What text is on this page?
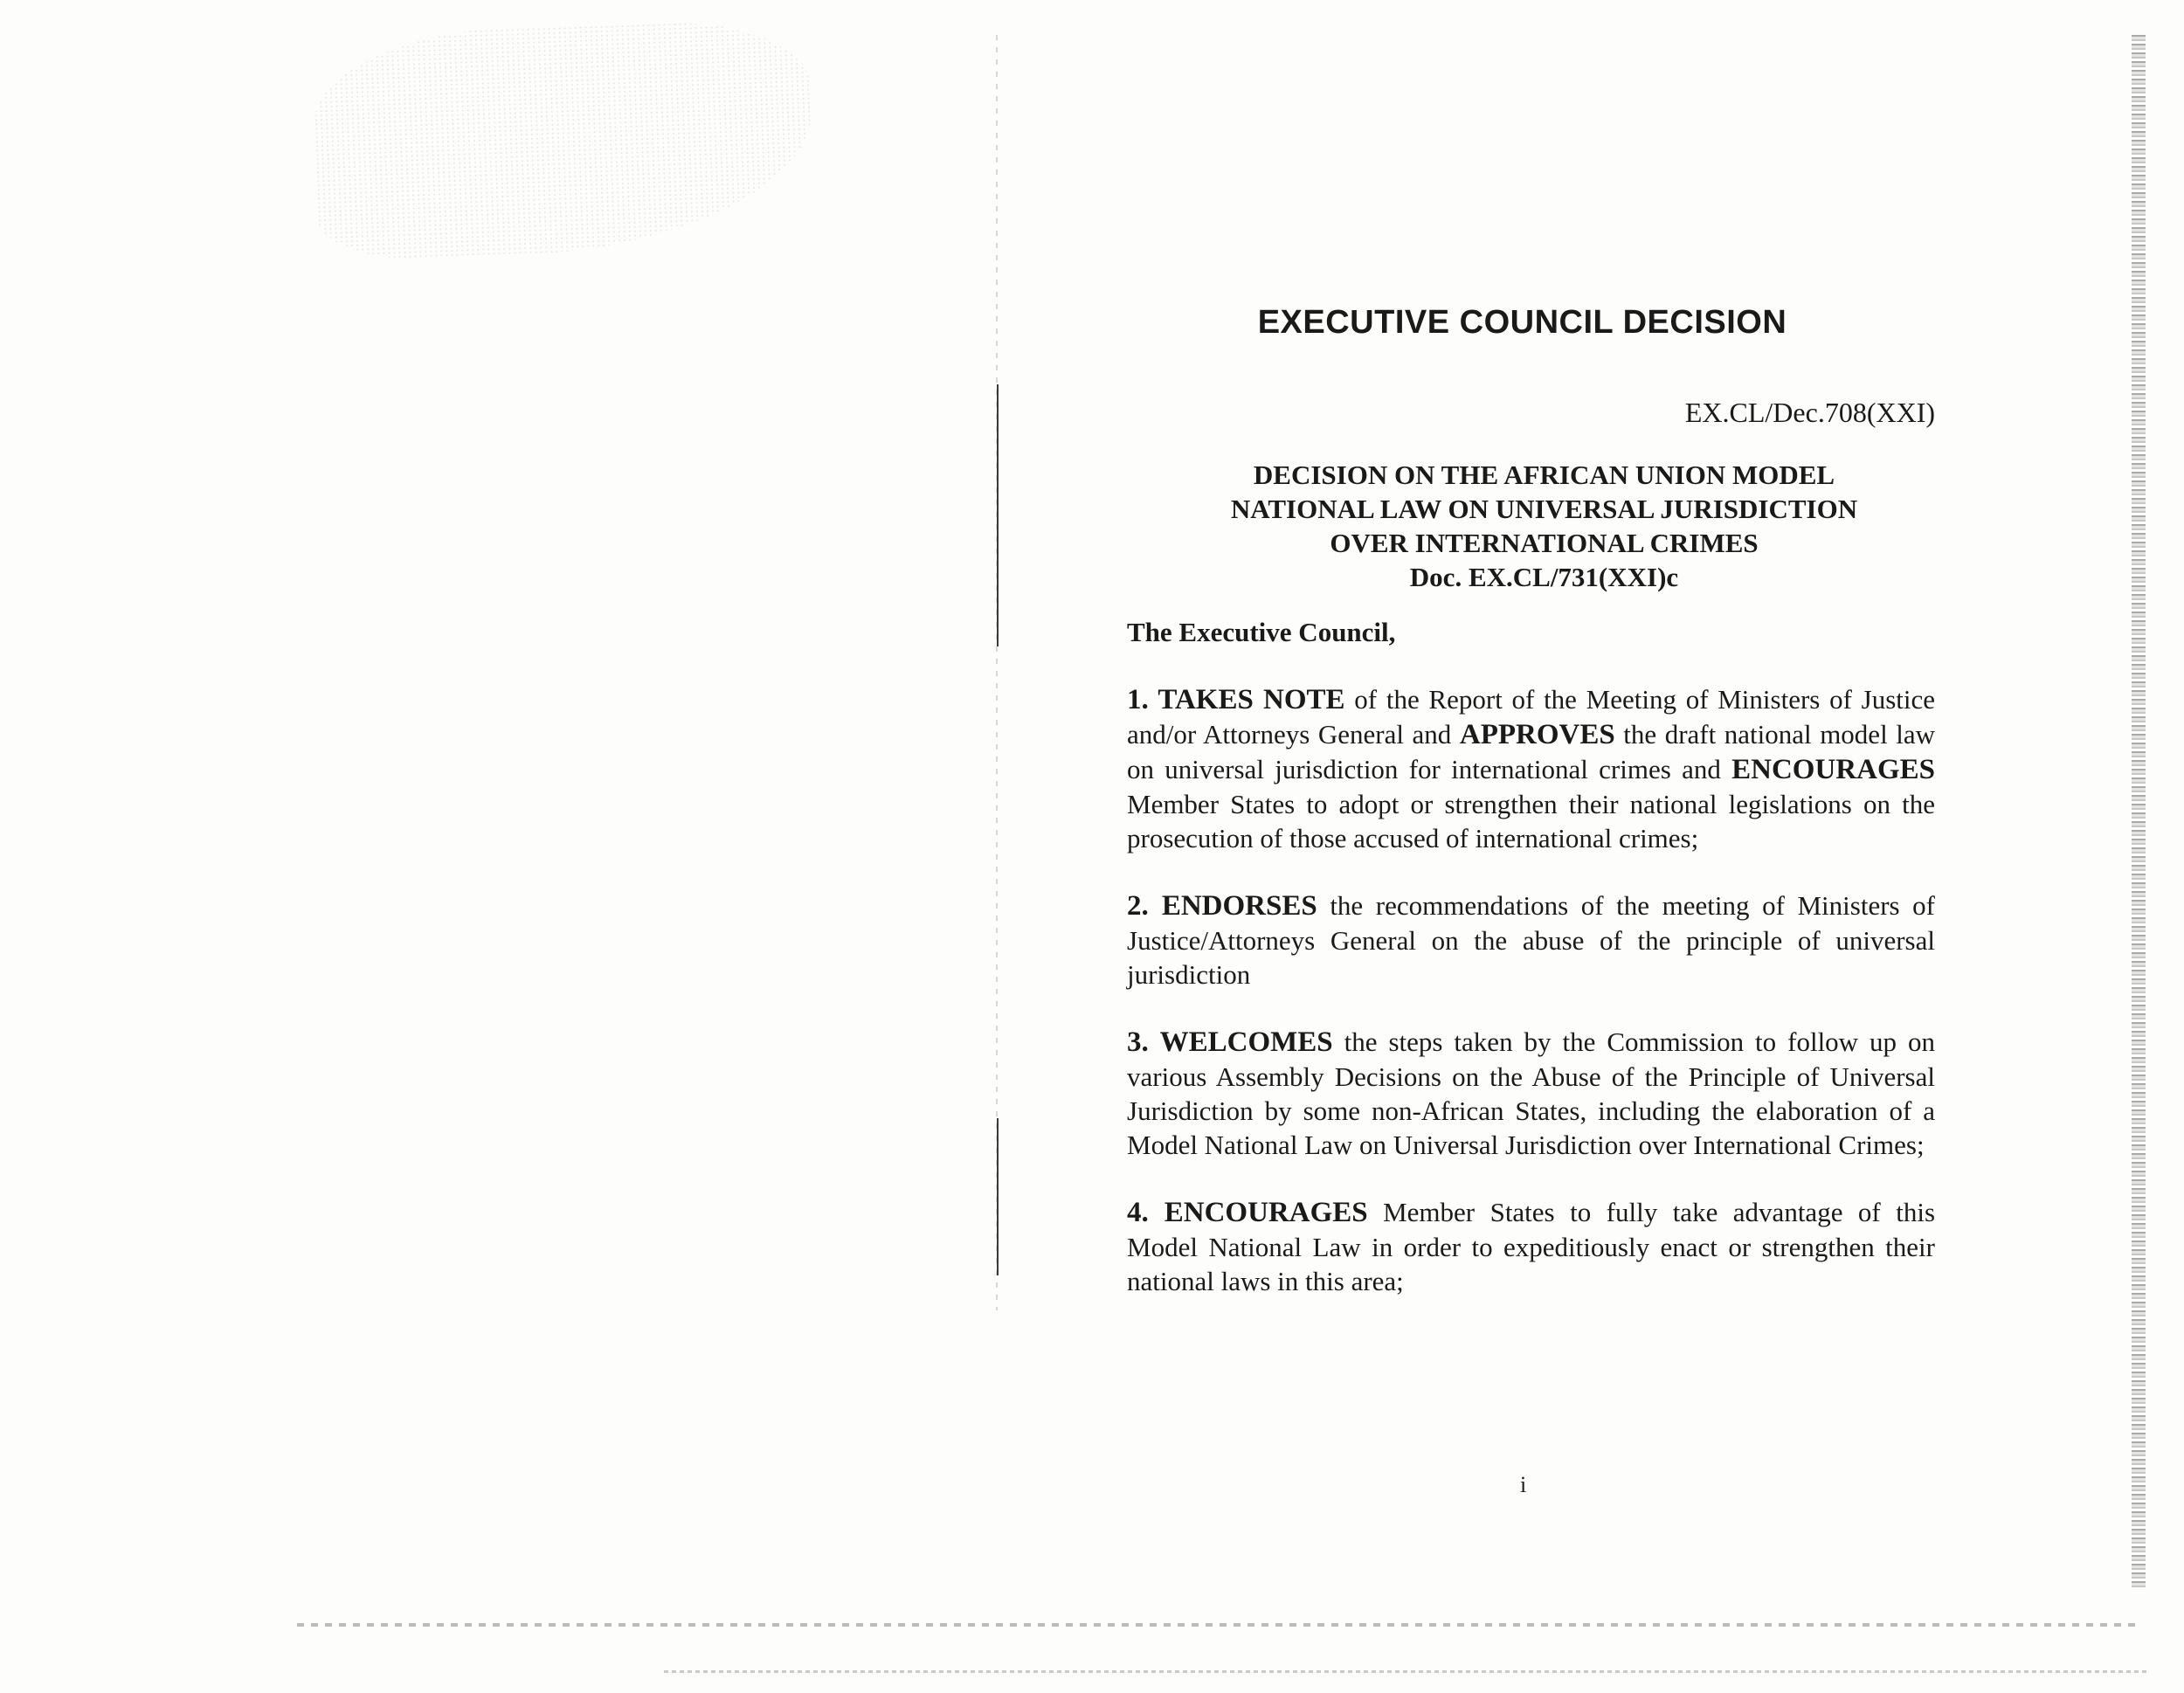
EXECUTIVE COUNCIL DECISION
EX.CL/Dec.708(XXI)
DECISION ON THE AFRICAN UNION MODEL
NATIONAL LAW ON UNIVERSAL JURISDICTION
OVER INTERNATIONAL CRIMES
Doc. EX.CL/731(XXI)c
The Executive Council,
1. TAKES NOTE of the Report of the Meeting of Ministers of Justice and/or Attorneys General and APPROVES the draft national model law on universal jurisdiction for international crimes and ENCOURAGES Member States to adopt or strengthen their national legislations on the prosecution of those accused of international crimes;
2. ENDORSES the recommendations of the meeting of Ministers of Justice/Attorneys General on the abuse of the principle of universal jurisdiction
3. WELCOMES the steps taken by the Commission to follow up on various Assembly Decisions on the Abuse of the Principle of Universal Jurisdiction by some non-African States, including the elaboration of a Model National Law on Universal Jurisdiction over International Crimes;
4. ENCOURAGES Member States to fully take advantage of this Model National Law in order to expeditiously enact or strengthen their national laws in this area;
i
